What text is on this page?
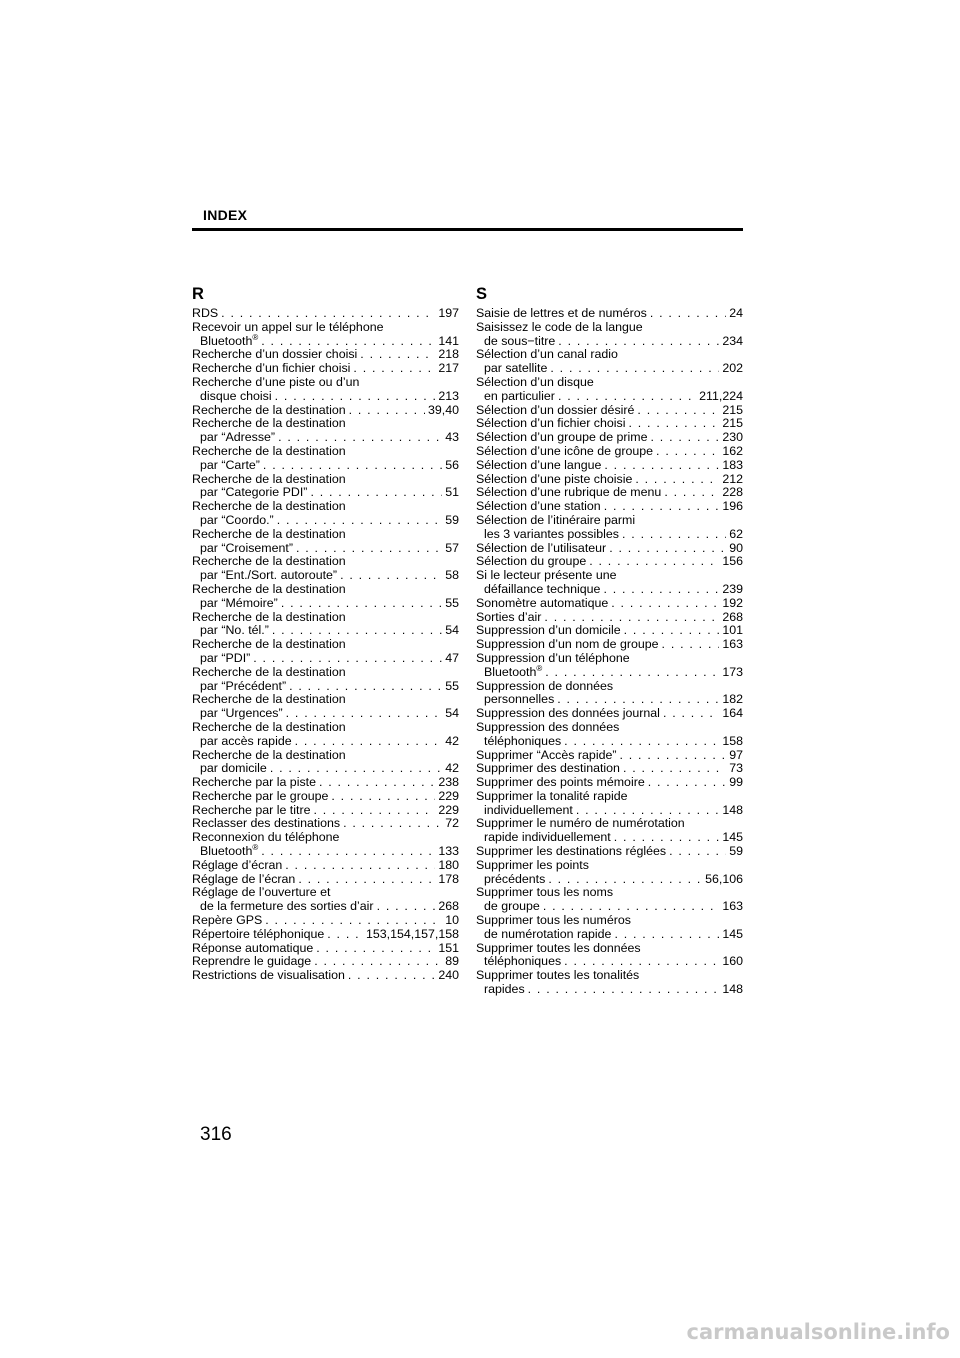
INDEX
R
RDS . . .	197
Recevoir un appel sur le téléphone
Bluetooth® . . .	141
Recherche d’un dossier choisi . . .	218
Recherche d’un fichier choisi . . .	217
Recherche d’une piste ou d’un
disque choisi . . .	213
Recherche de la destination . . .	39,40
Recherche de la destination
par “Adresse” . . .	43
Recherche de la destination
par “Carte” . . .	56
Recherche de la destination
par “Categorie PDI” . . .	51
Recherche de la destination
par “Coordo.” . . .	59
Recherche de la destination
par “Croisement” . . .	57
Recherche de la destination
par “Ent./Sort. autoroute” . . .	58
Recherche de la destination
par “Mémoire” . . .	55
Recherche de la destination
par “No. tél.” . . .	54
Recherche de la destination
par “PDI” . . .	47
Recherche de la destination
par “Précédent” . . .	55
Recherche de la destination
par “Urgences” . . .	54
Recherche de la destination
par accès rapide . . .	42
Recherche de la destination
par domicile . . .	42
Recherche par la piste . . .	238
Recherche par le groupe . . .	229
Recherche par le titre . . .	229
Reclasser des destinations . . .	72
Reconnexion du téléphone
Bluetooth® . . .	133
Réglage d’écran . . .	180
Réglage de l’écran . . .	178
Réglage de l’ouverture et
de la fermeture des sorties d’air . . .	268
Repère GPS . . .	10
Répertoire téléphonique . . .	153,154,157,158
Réponse automatique . . .	151
Reprendre le guidage . . .	89
Restrictions de visualisation . . .	240
S
Saisie de lettres et de numéros . . .	24
Saisissez le code de la langue
de sous−titre . . .	234
Sélection d’un canal radio
par satellite . . .	202
Sélection d’un disque
en particulier . . .	211,224
Sélection d’un dossier désiré . . .	215
Sélection d’un fichier choisi . . .	215
Sélection d’un groupe de prime . . .	230
Sélection d’une icône de groupe . . .	162
Sélection d’une langue . . .	183
Sélection d’une piste choisie . . .	212
Sélection d’une rubrique de menu . . .	228
Sélection d’une station . . .	196
Sélection de l’itinéraire parmi
les 3 variantes possibles . . .	62
Sélection de l’utilisateur . . .	90
Sélection du groupe . . .	156
Si le lecteur présente une
défaillance technique . . .	239
Sonomètre automatique . . .	192
Sorties d’air . . .	268
Suppression d’un domicile . . .	101
Suppression d’un nom de groupe . . .	163
Suppression d’un téléphone
Bluetooth® . . .	173
Suppression de données
personnelles . . .	182
Suppression des données journal . . .	164
Suppression des données
téléphoniques . . .	158
Supprimer “Accès rapide” . . .	97
Supprimer des destination . . .	73
Supprimer des points mémoire . . .	99
Supprimer la tonalité rapide
individuellement . . .	148
Supprimer le numéro de numérotation
rapide individuellement . . .	145
Supprimer les destinations réglées . . .	59
Supprimer les points
précédents . . .	56,106
Supprimer tous les noms
de groupe . . .	163
Supprimer tous les numéros
de numérotation rapide . . .	145
Supprimer toutes les données
téléphoniques . . .	160
Supprimer toutes les tonalités
rapides . . .	148
316
carmanualsonline.info
